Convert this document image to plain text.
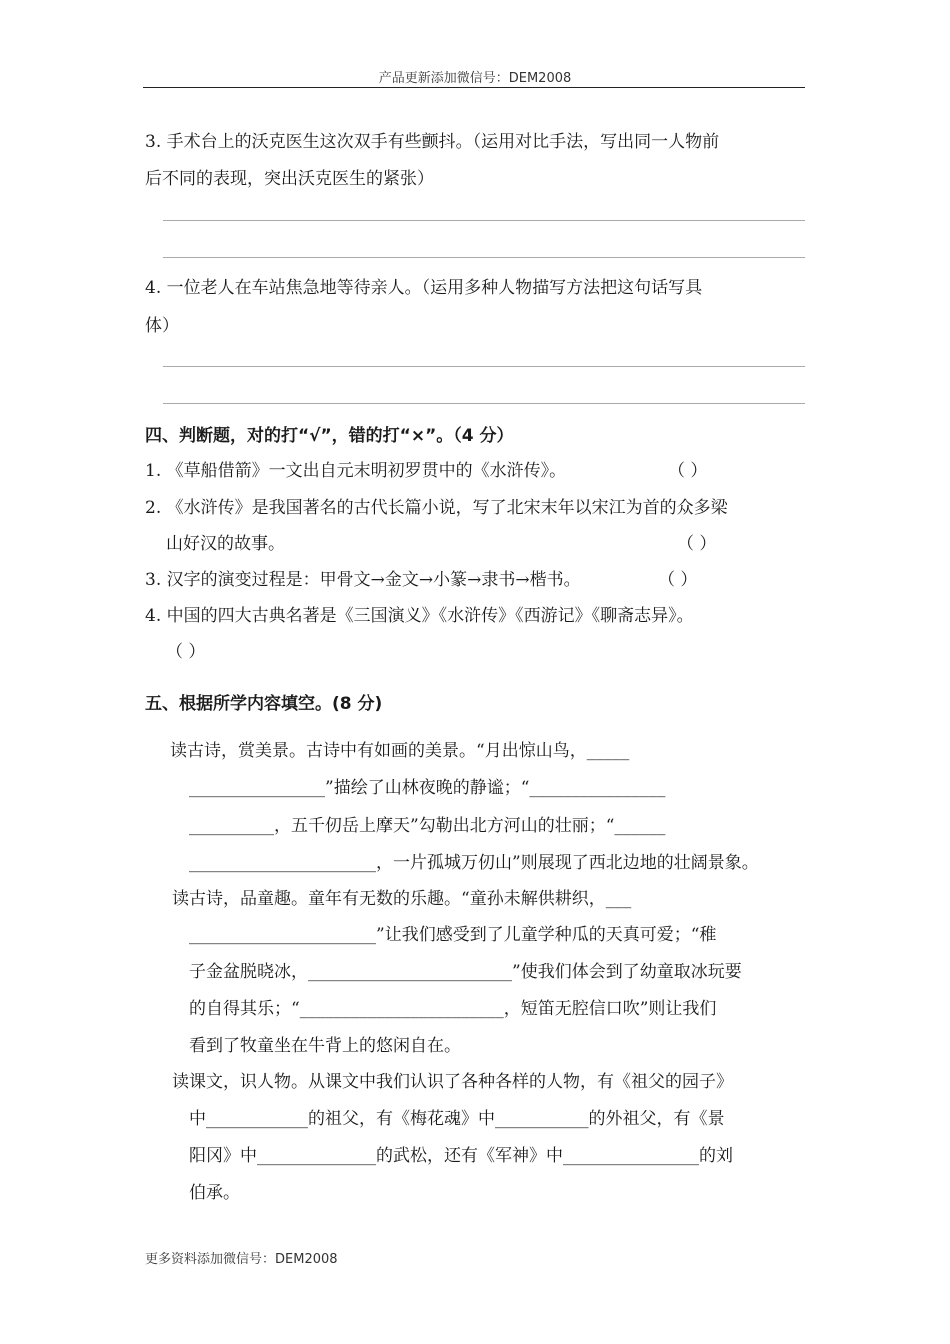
产品更新添加微信号：DEM2008
3. 手术台上的沃克医生这次双手有些颤抖。（运用对比手法，写出同一人物前
后不同的表现，突出沃克医生的紧张）
4. 一位老人在车站焦急地等待亲人。（运用多种人物描写方法把这句话写具
体）
四、判断题，对的打“√”，错的打“×”。（4 分）
1. 《草船借箭》一文出自元末明初罗贯中的《水浒传》。	（ ）
2. 《水浒传》是我国著名的古代长篇小说，写了北宋末年以宋江为首的众多梁
山好汉的故事。	（ ）
3. 汉字的演变过程是：甲骨文→金文→小篆→隶书→楷书。	（ ）
4. 中国的四大古典名著是《三国演义》《水浒传》《西游记》《聊斋志异》。
（ ）
五、根据所学内容填空。(8 分)
读古诗，赏美景。古诗中有如画的美景。“月出惊山鸟，_____
________________”描绘了山林夜晚的静谧；“________________
__________，五千仞岳上摩天”勾勒出北方河山的壮丽；“______
______________________，一片孤城万仞山”则展现了西北边地的壮阔景象。
读古诗，品童趣。童年有无数的乐趣。“童孙未解供耕织，___
______________________”让我们感受到了儿童学种瓜的天真可爱；“稚
子金盆脱晓冰，________________________”使我们体会到了幼童取冰玩要
的自得其乐；“________________________，短笛无腔信口吹”则让我们
看到了牧童坐在牛背上的悠闲自在。
读课文，识人物。从课文中我们认识了各种各样的人物，有《祖父的园子》
中____________的祖父，有《梅花魂》中___________的外祖父，有《景
阳冈》中______________的武松，还有《军神》中________________的刘
伯承。
更多资料添加微信号：DEM2008
